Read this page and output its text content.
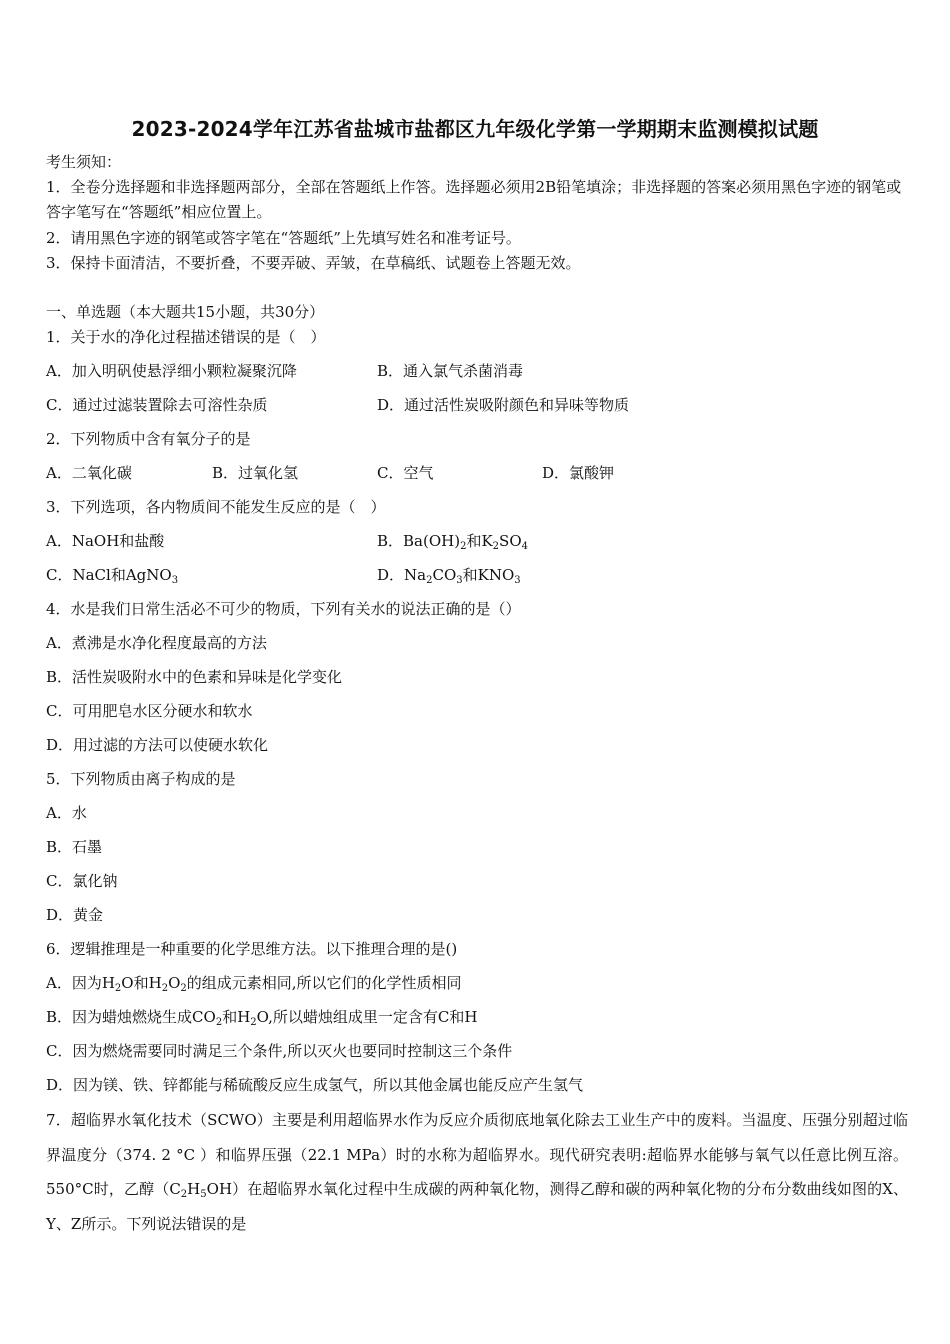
2023-2024学年江苏省盐城市盐都区九年级化学第一学期期末监测模拟试题
考生须知：
1．全卷分选择题和非选择题两部分，全部在答题纸上作答。选择题必须用2B铅笔填涂；非选择题的答案必须用黑色字迹的钢笔或答字笔写在“答题纸”相应位置上。
2．请用黑色字迹的钢笔或答字笔在“答题纸”上先填写姓名和准考证号。
3．保持卡面清洁，不要折叠，不要弄破、弄皱，在草稿纸、试题卷上答题无效。
一、单选题（本大题共15小题，共30分）
1．关于水的净化过程描述错误的是（　）
A．加入明矾使悬浮细小颗粒凝聚沉降	B．通入氯气杀菌消毒
C．通过过滤装置除去可溶性杂质	D．通过活性炭吸附颜色和异味等物质
2．下列物质中含有氧分子的是
A．二氧化碳	B．过氧化氢	C．空气	D．氯酸钾
3．下列选项，各内物质间不能发生反应的是（　）
A．NaOH和盐酸	B．$Ba(OH)_2$和$K_2SO_4$
C．NaCl和AgNO$_3$	D．$Na_2CO_3$和$KNO_3$
4．水是我们日常生活必不可少的物质，下列有关水的说法正确的是（）
A．煮沸是水净化程度最高的方法
B．活性炭吸附水中的色素和异味是化学变化
C．可用肥皂水区分硬水和软水
D．用过滤的方法可以使硬水软化
5．下列物质由离子构成的是
A．水
B．石墨
C．氯化钠
D．黄金
6．逻辑推理是一种重要的化学思维方法。以下推理合理的是()
A．因为$H_2O$和$H_2O_2$的组成元素相同,所以它们的化学性质相同
B．因为蜡烛燃烧生成$CO_2$和$H_2O$,所以蜡烛组成里一定含有C和H
C．因为燃烧需要同时满足三个条件,所以灭火也要同时控制这三个条件
D．因为镁、铁、锌都能与稀硫酸反应生成氢气，所以其他金属也能反应产生氢气
7．超临界水氧化技术（SCWO）主要是利用超临界水作为反应介质彻底地氧化除去工业生产中的废料。当温度、压强分别超过临界温度分（374. 2 °C ）和临界压强（22.1 MPa）时的水称为超临界水。现代研究表明:超临界水能够与氧气以任意比例互溶。550°C时，乙醇$(C_2H_5OH)$在超临界水氧化过程中生成碳的两种氧化物，测得乙醇和碳的两种氧化物的分布分数曲线如图的X、Y、Z所示。下列说法错误的是
